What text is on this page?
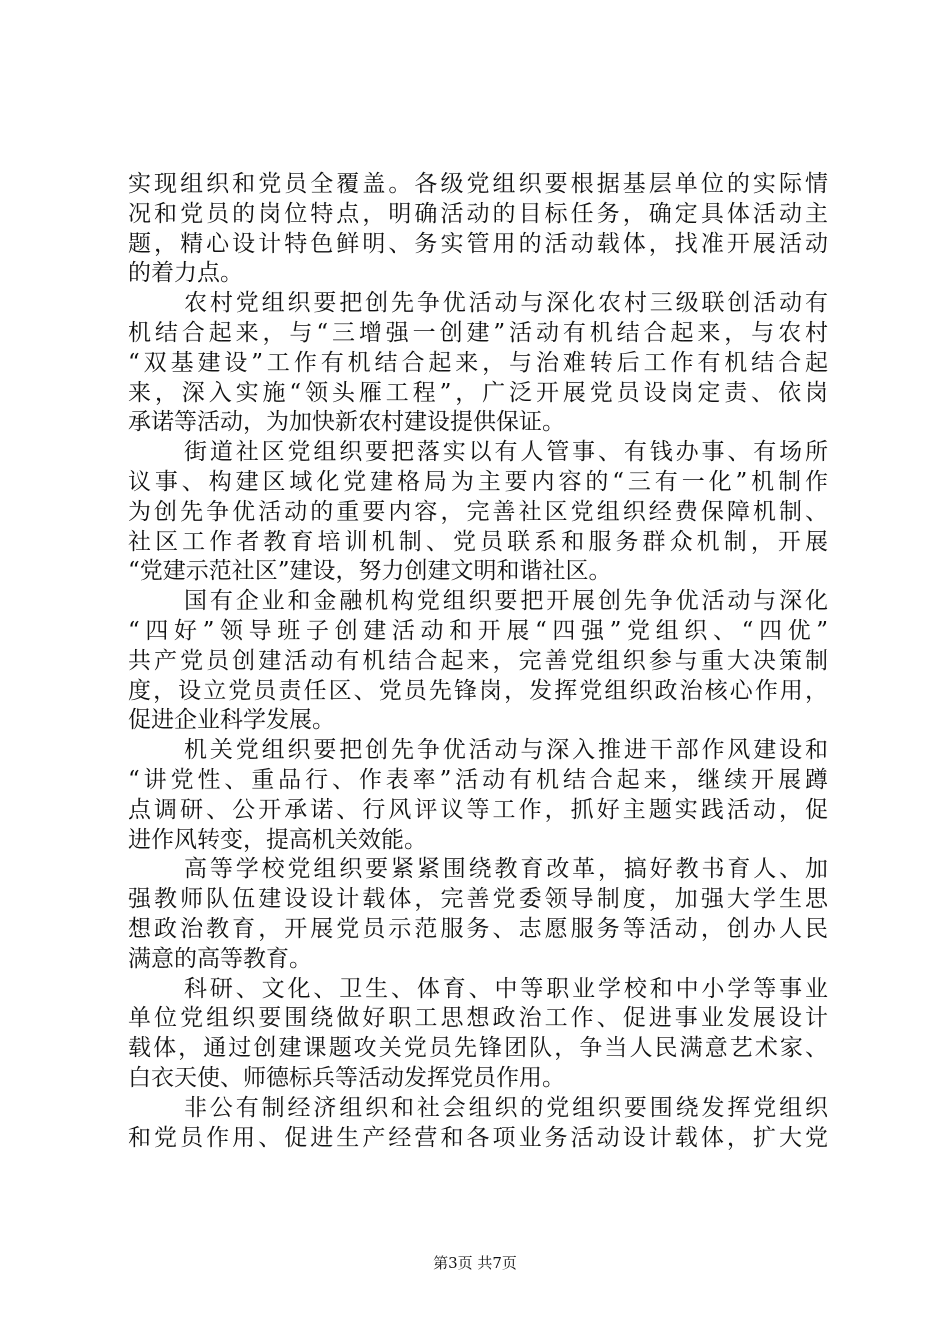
实现组织和党员全覆盖。各级党组织要根据基层单位的实际情
况和党员的岗位特点，明确活动的目标任务，确定具体活动主
题，精心设计特色鲜明、务实管用的活动载体，找准开展活动
的着力点。
农村党组织要把创先争优活动与深化农村三级联创活动有
机结合起来，与“三增强一创建”活动有机结合起来，与农村
“双基建设”工作有机结合起来，与治难转后工作有机结合起
来，深入实施“领头雁工程”，广泛开展党员设岗定责、依岗
承诺等活动，为加快新农村建设提供保证。
街道社区党组织要把落实以有人管事、有钱办事、有场所
议事、构建区域化党建格局为主要内容的“三有一化”机制作
为创先争优活动的重要内容，完善社区党组织经费保障机制、
社区工作者教育培训机制、党员联系和服务群众机制，开展
“党建示范社区”建设，努力创建文明和谐社区。
国有企业和金融机构党组织要把开展创先争优活动与深化
“四好”领导班子创建活动和开展“四强”党组织、“四优”
共产党员创建活动有机结合起来，完善党组织参与重大决策制
度，设立党员责任区、党员先锋岗，发挥党组织政治核心作用，
促进企业科学发展。
机关党组织要把创先争优活动与深入推进干部作风建设和
“讲党性、重品行、作表率”活动有机结合起来，继续开展蹲
点调研、公开承诺、行风评议等工作，抓好主题实践活动，促
进作风转变，提高机关效能。
高等学校党组织要紧紧围绕教育改革，搞好教书育人、加
强教师队伍建设设计载体，完善党委领导制度，加强大学生思
想政治教育，开展党员示范服务、志愿服务等活动，创办人民
满意的高等教育。
科研、文化、卫生、体育、中等职业学校和中小学等事业
单位党组织要围绕做好职工思想政治工作、促进事业发展设计
载体，通过创建课题攻关党员先锋团队，争当人民满意艺术家、
白衣天使、师德标兵等活动发挥党员作用。
非公有制经济组织和社会组织的党组织要围绕发挥党组织
和党员作用、促进生产经营和各项业务活动设计载体，扩大党
第3页 共7页
